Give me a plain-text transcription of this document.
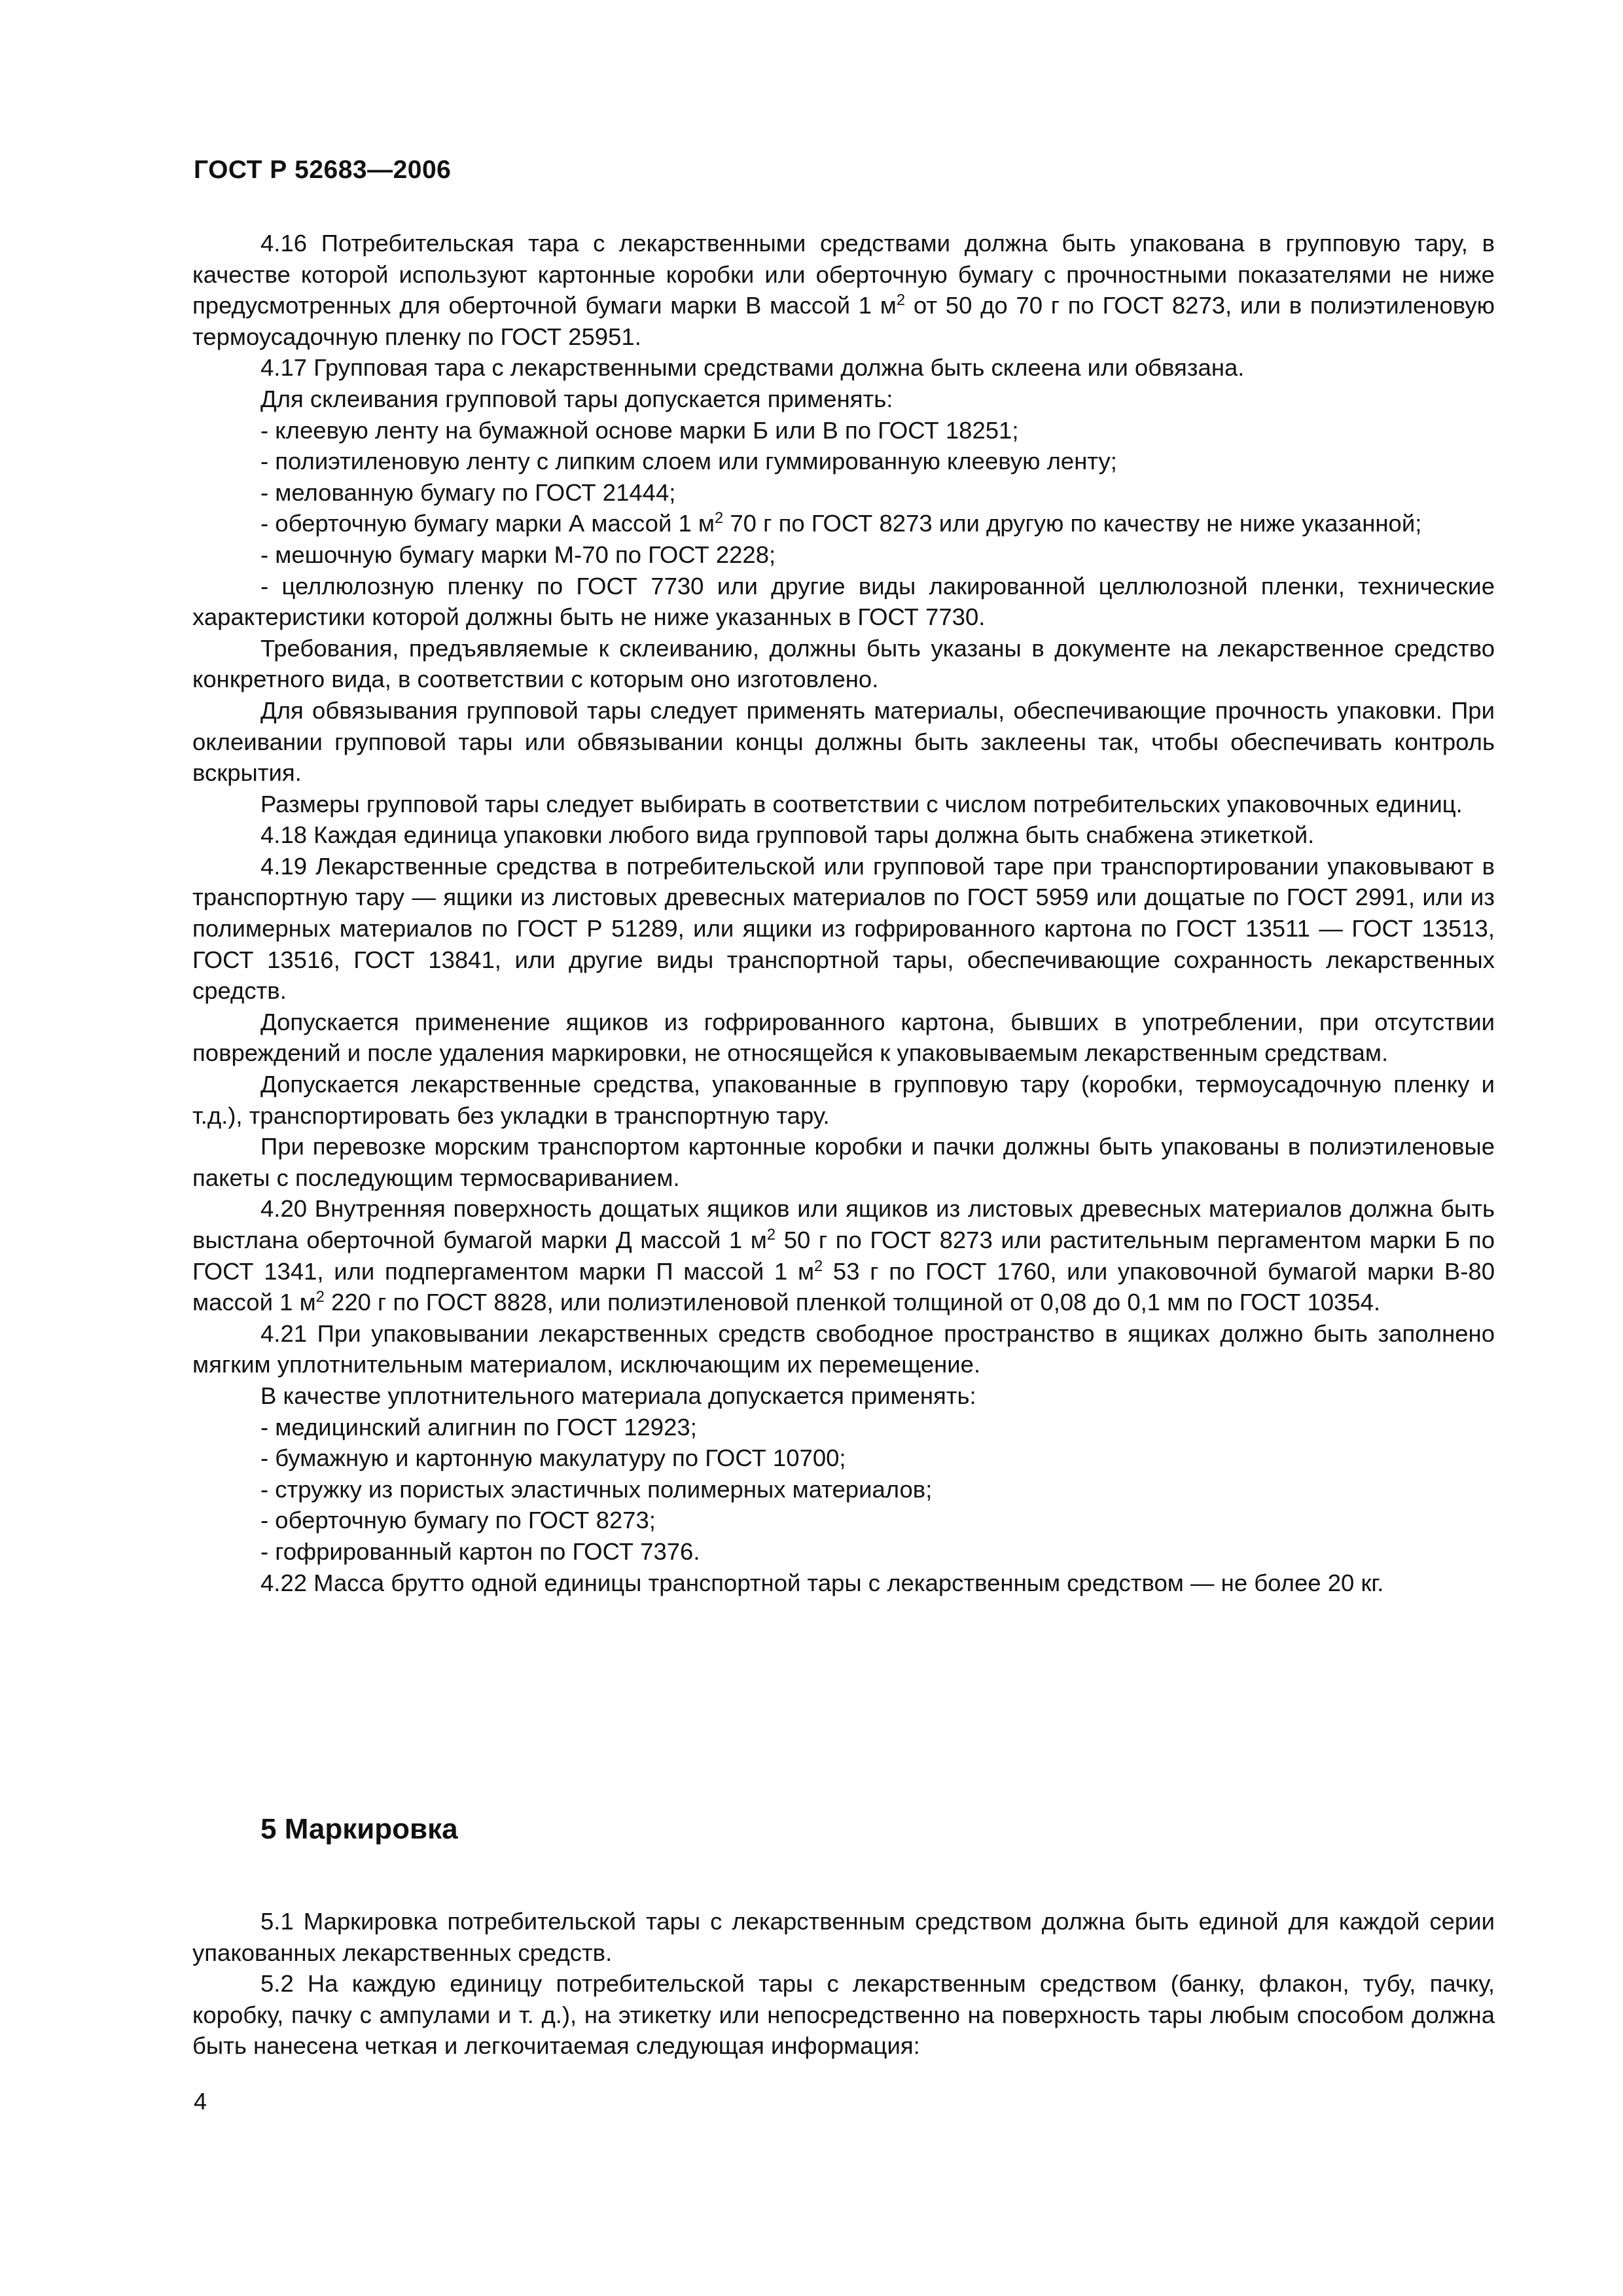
ГОСТ Р 52683—2006

4.16 Потребительская тара с лекарственными средствами должна быть упакована в групповую тару, в качестве которой используют картонные коробки или оберточную бумагу с прочностными показателями не ниже предусмотренных для оберточной бумаги марки В массой 1 $м^2$ от 50 до 70 г по ГОСТ 8273, или в полиэтиленовую термоусадочную пленку по ГОСТ 25951.

4.17 Групповая тара с лекарственными средствами должна быть склеена или обвязана.

Для склеивания групповой тары допускается применять:

- клеевую ленту на бумажной основе марки Б или В по ГОСТ 18251;

- полиэтиленовую ленту с липким слоем или гуммированную клеевую ленту;

- мелованную бумагу по ГОСТ 21444;

- оберточную бумагу марки А массой 1 $м^2$ 70 г по ГОСТ 8273 или другую по качеству не ниже указанной;

- мешочную бумагу марки М-70 по ГОСТ 2228;

- целлюлозную пленку по ГОСТ 7730 или другие виды лакированной целлюлозной пленки, технические характеристики которой должны быть не ниже указанных в ГОСТ 7730.

Требования, предъявляемые к склеиванию, должны быть указаны в документе на лекарственное средство конкретного вида, в соответствии с которым оно изготовлено.

Для обвязывания групповой тары следует применять материалы, обеспечивающие прочность упаковки. При оклеивании групповой тары или обвязывании концы должны быть заклеены так, чтобы обеспечивать контроль вскрытия.

Размеры групповой тары следует выбирать в соответствии с числом потребительских упаковочных единиц.

4.18 Каждая единица упаковки любого вида групповой тары должна быть снабжена этикеткой.

4.19 Лекарственные средства в потребительской или групповой таре при транспортировании упаковывают в транспортную тару — ящики из листовых древесных материалов по ГОСТ 5959 или дощатые по ГОСТ 2991, или из полимерных материалов по ГОСТ Р 51289, или ящики из гофрированного картона по ГОСТ 13511 — ГОСТ 13513, ГОСТ 13516, ГОСТ 13841, или другие виды транспортной тары, обеспечивающие сохранность лекарственных средств.

Допускается применение ящиков из гофрированного картона, бывших в употреблении, при отсутствии повреждений и после удаления маркировки, не относящейся к упаковываемым лекарственным средствам.

Допускается лекарственные средства, упакованные в групповую тару (коробки, термоусадочную пленку и т.д.), транспортировать без укладки в транспортную тару.

При перевозке морским транспортом картонные коробки и пачки должны быть упакованы в полиэтиленовые пакеты с последующим термосвариванием.

4.20 Внутренняя поверхность дощатых ящиков или ящиков из листовых древесных материалов должна быть выстлана оберточной бумагой марки Д массой 1 $м^2$ 50 г по ГОСТ 8273 или растительным пергаментом марки Б по ГОСТ 1341, или подпергаментом марки П массой 1 $м^2$ 53 г по ГОСТ 1760, или упаковочной бумагой марки В-80 массой 1 $м^2$ 220 г по ГОСТ 8828, или полиэтиленовой пленкой толщиной от 0,08 до 0,1 мм по ГОСТ 10354.

4.21 При упаковывании лекарственных средств свободное пространство в ящиках должно быть заполнено мягким уплотнительным материалом, исключающим их перемещение.

В качестве уплотнительного материала допускается применять:

- медицинский алигнин по ГОСТ 12923;

- бумажную и картонную макулатуру по ГОСТ 10700;

- стружку из пористых эластичных полимерных материалов;

- оберточную бумагу по ГОСТ 8273;

- гофрированный картон по ГОСТ 7376.

4.22 Масса брутто одной единицы транспортной тары с лекарственным средством — не более 20 кг.

5 Маркировка

5.1 Маркировка потребительской тары с лекарственным средством должна быть единой для каждой серии упакованных лекарственных средств.

5.2 На каждую единицу потребительской тары с лекарственным средством (банку, флакон, тубу, пачку, коробку, пачку с ампулами и т. д.), на этикетку или непосредственно на поверхность тары любым способом должна быть нанесена четкая и легкочитаемая следующая информация:

4
